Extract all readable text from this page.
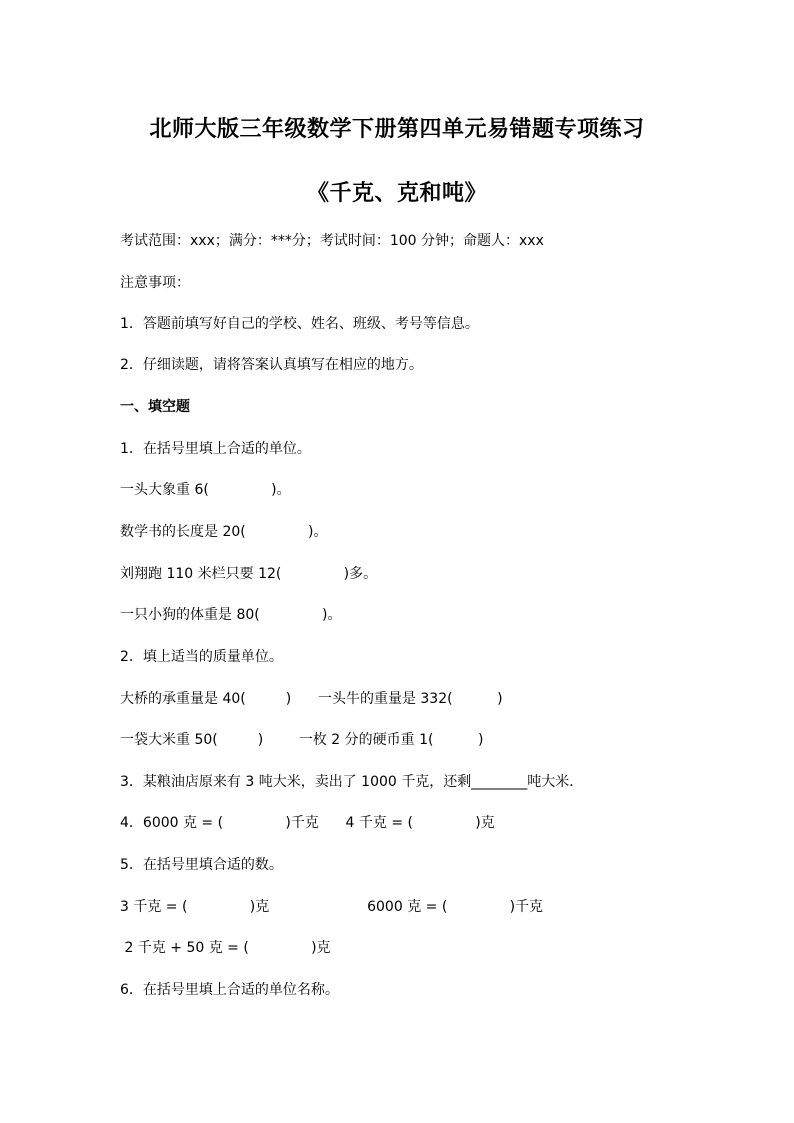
北师大版三年级数学下册第四单元易错题专项练习
《千克、克和吨》
考试范围：xxx；满分：***分；考试时间：100 分钟；命题人：xxx
注意事项：
1．答题前填写好自己的学校、姓名、班级、考号等信息。
2．仔细读题，请将答案认真填写在相应的地方。
一、填空题
1．在括号里填上合适的单位。
一头大象重 6(              )。
数学书的长度是 20(              )。
刘翔跑 110 米栏只要 12(              )多。
一只小狗的体重是 80(              )。
2．填上适当的质量单位。
大桥的承重量是 40(         )      一头牛的重量是 332(          )
一袋大米重 50(         )        一枚 2 分的硬币重 1(          )
3．某粮油店原来有 3 吨大米，卖出了 1000 千克，还剩________吨大米．
4．6000 克 = (              )千克      4 千克 = (              )克
5．在括号里填合适的数。
3 千克 = (              )克                      6000 克 = (              )千克
2 千克 + 50 克 = (              )克
6．在括号里填上合适的单位名称。
